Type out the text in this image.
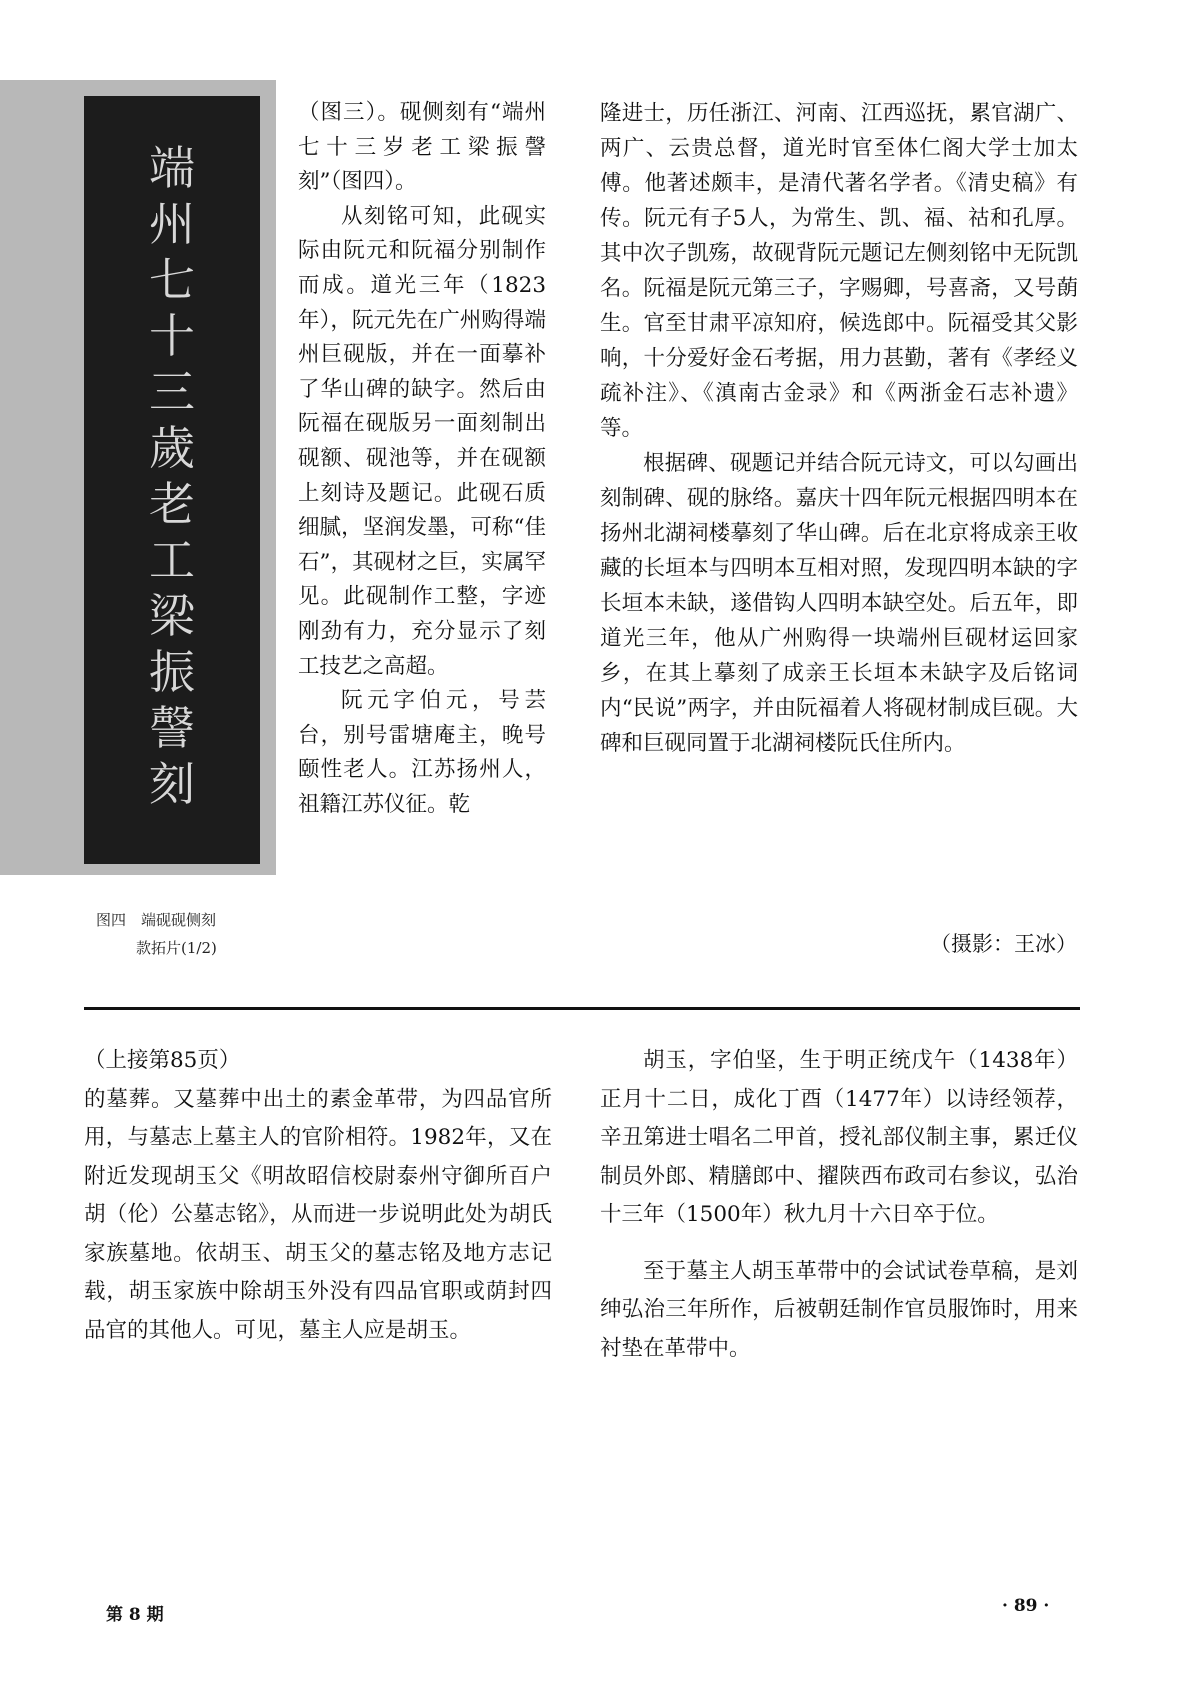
端
州
七
十
三
歲
老
工
梁
振
謦
刻
图四　端砚砚侧刻
款拓片(1/2)

（图三）。砚侧刻有“端州七十三岁老工梁振謦刻”（图四）。

从刻铭可知，此砚实际由阮元和阮福分别制作而成。道光三年（1823年），阮元先在广州购得端州巨砚版，并在一面摹补了华山碑的缺字。然后由阮福在砚版另一面刻制出砚额、砚池等，并在砚额上刻诗及题记。此砚石质细腻，坚润发墨，可称“佳石”，其砚材之巨，实属罕见。此砚制作工整，字迹刚劲有力，充分显示了刻工技艺之高超。

阮元字伯元，号芸台，别号雷塘庵主，晚号颐性老人。江苏扬州人，祖籍江苏仪征。乾

隆进士，历任浙江、河南、江西巡抚，累官湖广、两广、云贵总督，道光时官至体仁阁大学士加太傅。他著述颇丰，是清代著名学者。《清史稿》有传。阮元有子5人，为常生、凯、福、祜和孔厚。其中次子凯殇，故砚背阮元题记左侧刻铭中无阮凯名。阮福是阮元第三子，字赐卿，号喜斋，又号蓢生。官至甘肃平凉知府，候选郎中。阮福受其父影响，十分爱好金石考据，用力甚勤，著有《孝经义疏补注》、《滇南古金录》和《两浙金石志补遗》等。

根据碑、砚题记并结合阮元诗文，可以勾画出刻制碑、砚的脉络。嘉庆十四年阮元根据四明本在扬州北湖祠楼摹刻了华山碑。后在北京将成亲王收藏的长垣本与四明本互相对照，发现四明本缺的字长垣本未缺，遂借钩人四明本缺空处。后五年，即道光三年，他从广州购得一块端州巨砚材运回家乡，在其上摹刻了成亲王长垣本未缺字及后铭词内“民说”两字，并由阮福着人将砚材制成巨砚。大碑和巨砚同置于北湖祠楼阮氏住所内。

（摄影：王冰）

（上接第85页）

的墓葬。又墓葬中出土的素金革带，为四品官所用，与墓志上墓主人的官阶相符。1982年，又在附近发现胡玉父《明故昭信校尉泰州守御所百户胡（伦）公墓志铭》，从而进一步说明此处为胡氏家族墓地。依胡玉、胡玉父的墓志铭及地方志记载，胡玉家族中除胡玉外没有四品官职或荫封四品官的其他人。可见，墓主人应是胡玉。

胡玉，字伯坚，生于明正统戊午（1438年）正月十二日，成化丁酉（1477年）以诗经领荐，辛丑第进士唱名二甲首，授礼部仪制主事，累迁仪制员外郎、精膳郎中、擢陕西布政司右参议，弘治十三年（1500年）秋九月十六日卒于位。

至于墓主人胡玉革带中的会试试卷草稿，是刘绅弘治三年所作，后被朝廷制作官员服饰时，用来衬垫在革带中。

第 8 期	· 89 ·
